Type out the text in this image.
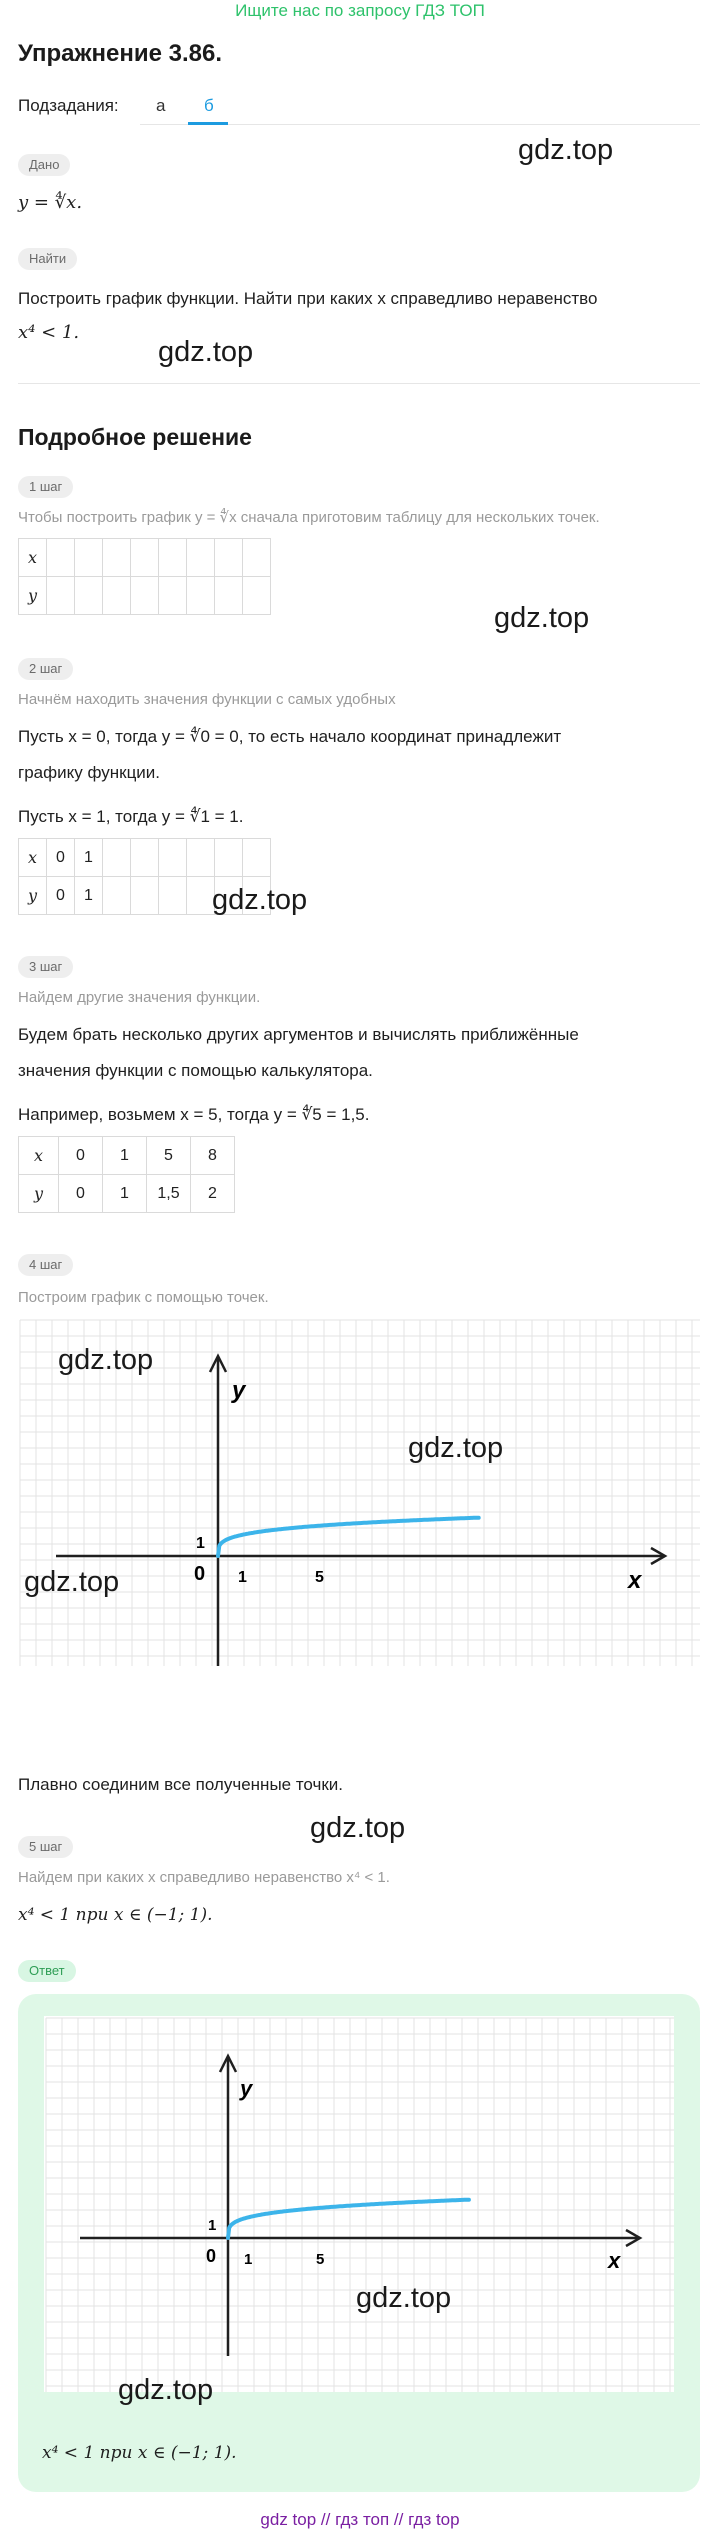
Ищите нас по запросу ГДЗ ТОП
Упражнение 3.86.
Подзадания: а б
Дано	gdz.top
y = ∜x.
Найти
Построить график функции. Найти при каких x справедливо неравенство
x⁴ < 1.
gdz.top
Подробное решение
1 шаг
Чтобы построить график y = ∜x сначала приготовим таблицу для нескольких точек.
x								
y								
gdz.top
2 шаг
Начнём находить значения функции с самых удобных
Пусть x = 0, тогда y = ∜0 = 0, то есть начало координат принадлежит
графику функции.
Пусть x = 1, тогда y = ∜1 = 1.
x	0	1						
y	0	1							gdz.top
3 шаг
Найдем другие значения функции.
Будем брать несколько других аргументов и вычислять приближённые
значения функции с помощью калькулятора.
Например, возьмем x = 5, тогда y = ∜5 = 1,5.
x	0	1	5	8
y	0	1	1,5	2
4 шаг
Построим график с помощью точек.
y
x
0
1
1	5
gdz.top
gdz.top
gdz.top
Плавно соединим все полученные точки.
gdz.top
5 шаг
Найдем при каких x справедливо неравенство x⁴ < 1.
x⁴ < 1 при x ∈ (−1; 1).
Ответ
y
x
0
1
1	5
gdz.top
gdz.top
x⁴ < 1 при x ∈ (−1; 1).
gdz top // гдз топ // гдз top
